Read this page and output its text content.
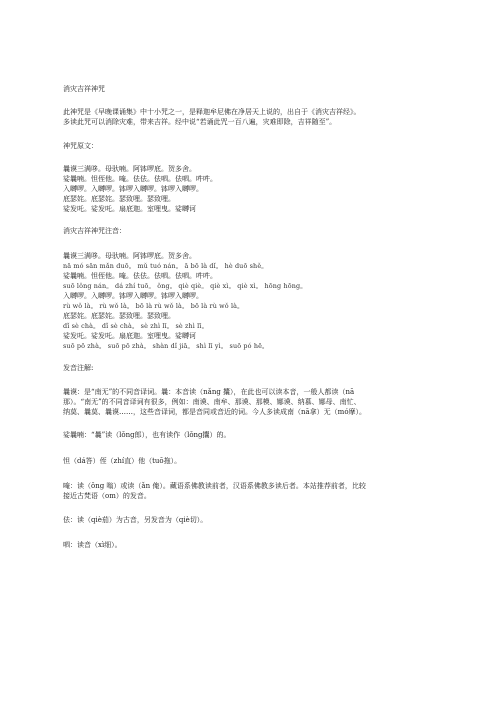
消灾吉祥神咒
此神咒是《早晚课诵集》中十小咒之一，是释迦牟尼佛在净居天上说的，出自于《消灾吉祥经》。
多读此咒可以消除灾难，带来吉祥。经中说“若诵此咒一百八遍，灾难即除，吉祥随至”。
神咒原文：
曩谟三满哆。母驮喃。阿钵啰底。贺多舍。
娑曩喃。怛侄他。唵。佉佉。佉呬。佉呬。吽吽。
入嚩啰。入嚩啰。钵啰入嚩啰。钵啰入嚩啰。
底瑟姹。底瑟姹。瑟致哩。瑟致哩。
娑发吒。娑发吒。扇底迦。室哩曳。娑嚩诃
消灾吉祥神咒注音：
曩谟三满哆。母驮喃。阿钵啰底。贺多舍。
nā mó sān mǎn duō。 mǔ tuó nán。 ā bō là dǐ。 hè duō shě。
娑曩喃。怛侄他。唵。佉佉。佉呬。佉呬。吽吽。
suō lǒng nán。 dá zhí tuō。 ǒng。 qiè qiè。 qiè xì。 qiè xì。 hōng hōng。
入嚩啰。入嚩啰。钵啰入嚩啰。钵啰入嚩啰。
rù wǒ là。 rù wǒ là。 bō là rù wǒ là。 bō là rù wǒ là。
底瑟姹。底瑟姹。瑟致哩。瑟致哩。
dǐ sè chà。 dǐ sè chà。 sè zhì lī。 sè zhì lī。
娑发吒。娑发吒。扇底迦。室哩曳。娑嚩诃
suō pō zhà。 suō pō zhà。 shàn dǐ jiā。 shì lī yì。 suō pó hē。
发音注解:
曩谟：是“南无”的不同音译词。曩：本音读（nǎng 攮），在此也可以读本音，一般人都读（nā
那）。“南无”的不同音译词有很多，例如：南谟、南牟、那谟、那模、娜谟、纳慕、娜母、南忙、
纳莫、曩莫、曩谟……，这些音译词，都是音同或音近的词。今人多读成南（nā拿）无（mó摩）。
娑曩喃：“曩”读（lǒng郎），也有读作（lǒng攮）的。
怛（dá答）侄（zhí直）他（tuō拖）。
唵：读（ǒng 嗡）或读（ǎn 俺）。藏语系佛教读前者，汉语系佛教多读后者。本站推荐前者，比较
接近古梵语（om）的发音。
佉：读（qiè茄）为古音，另发音为（qiè切）。
呬：读音（xì细）。
